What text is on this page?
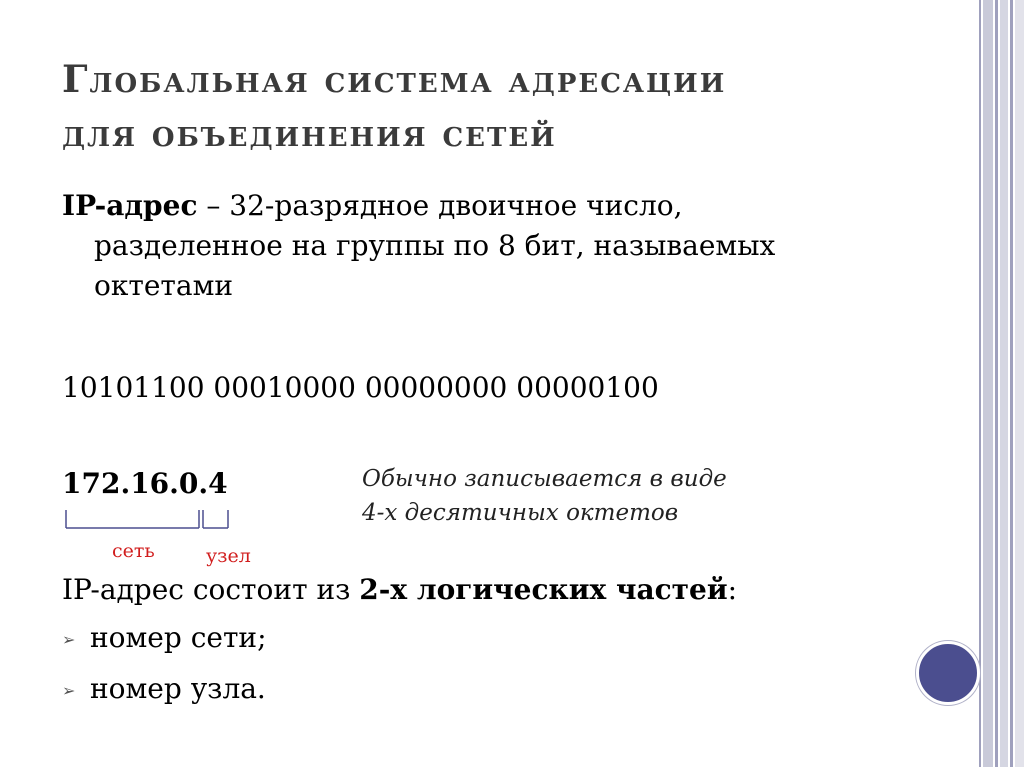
Глобальная система адресации
для объединения сетей
IP-адрес – 32-разрядное двоичное число,
разделенное на группы по 8 бит, называемых
октетами
10101100 00010000 00000000 00000100
172.16.0.4	Обычно записывается в виде
4-х десятичных октетов
сеть	узел
IP-адрес состоит из 2-х логических частей:
➢ номер сети;
➢ номер узла.
